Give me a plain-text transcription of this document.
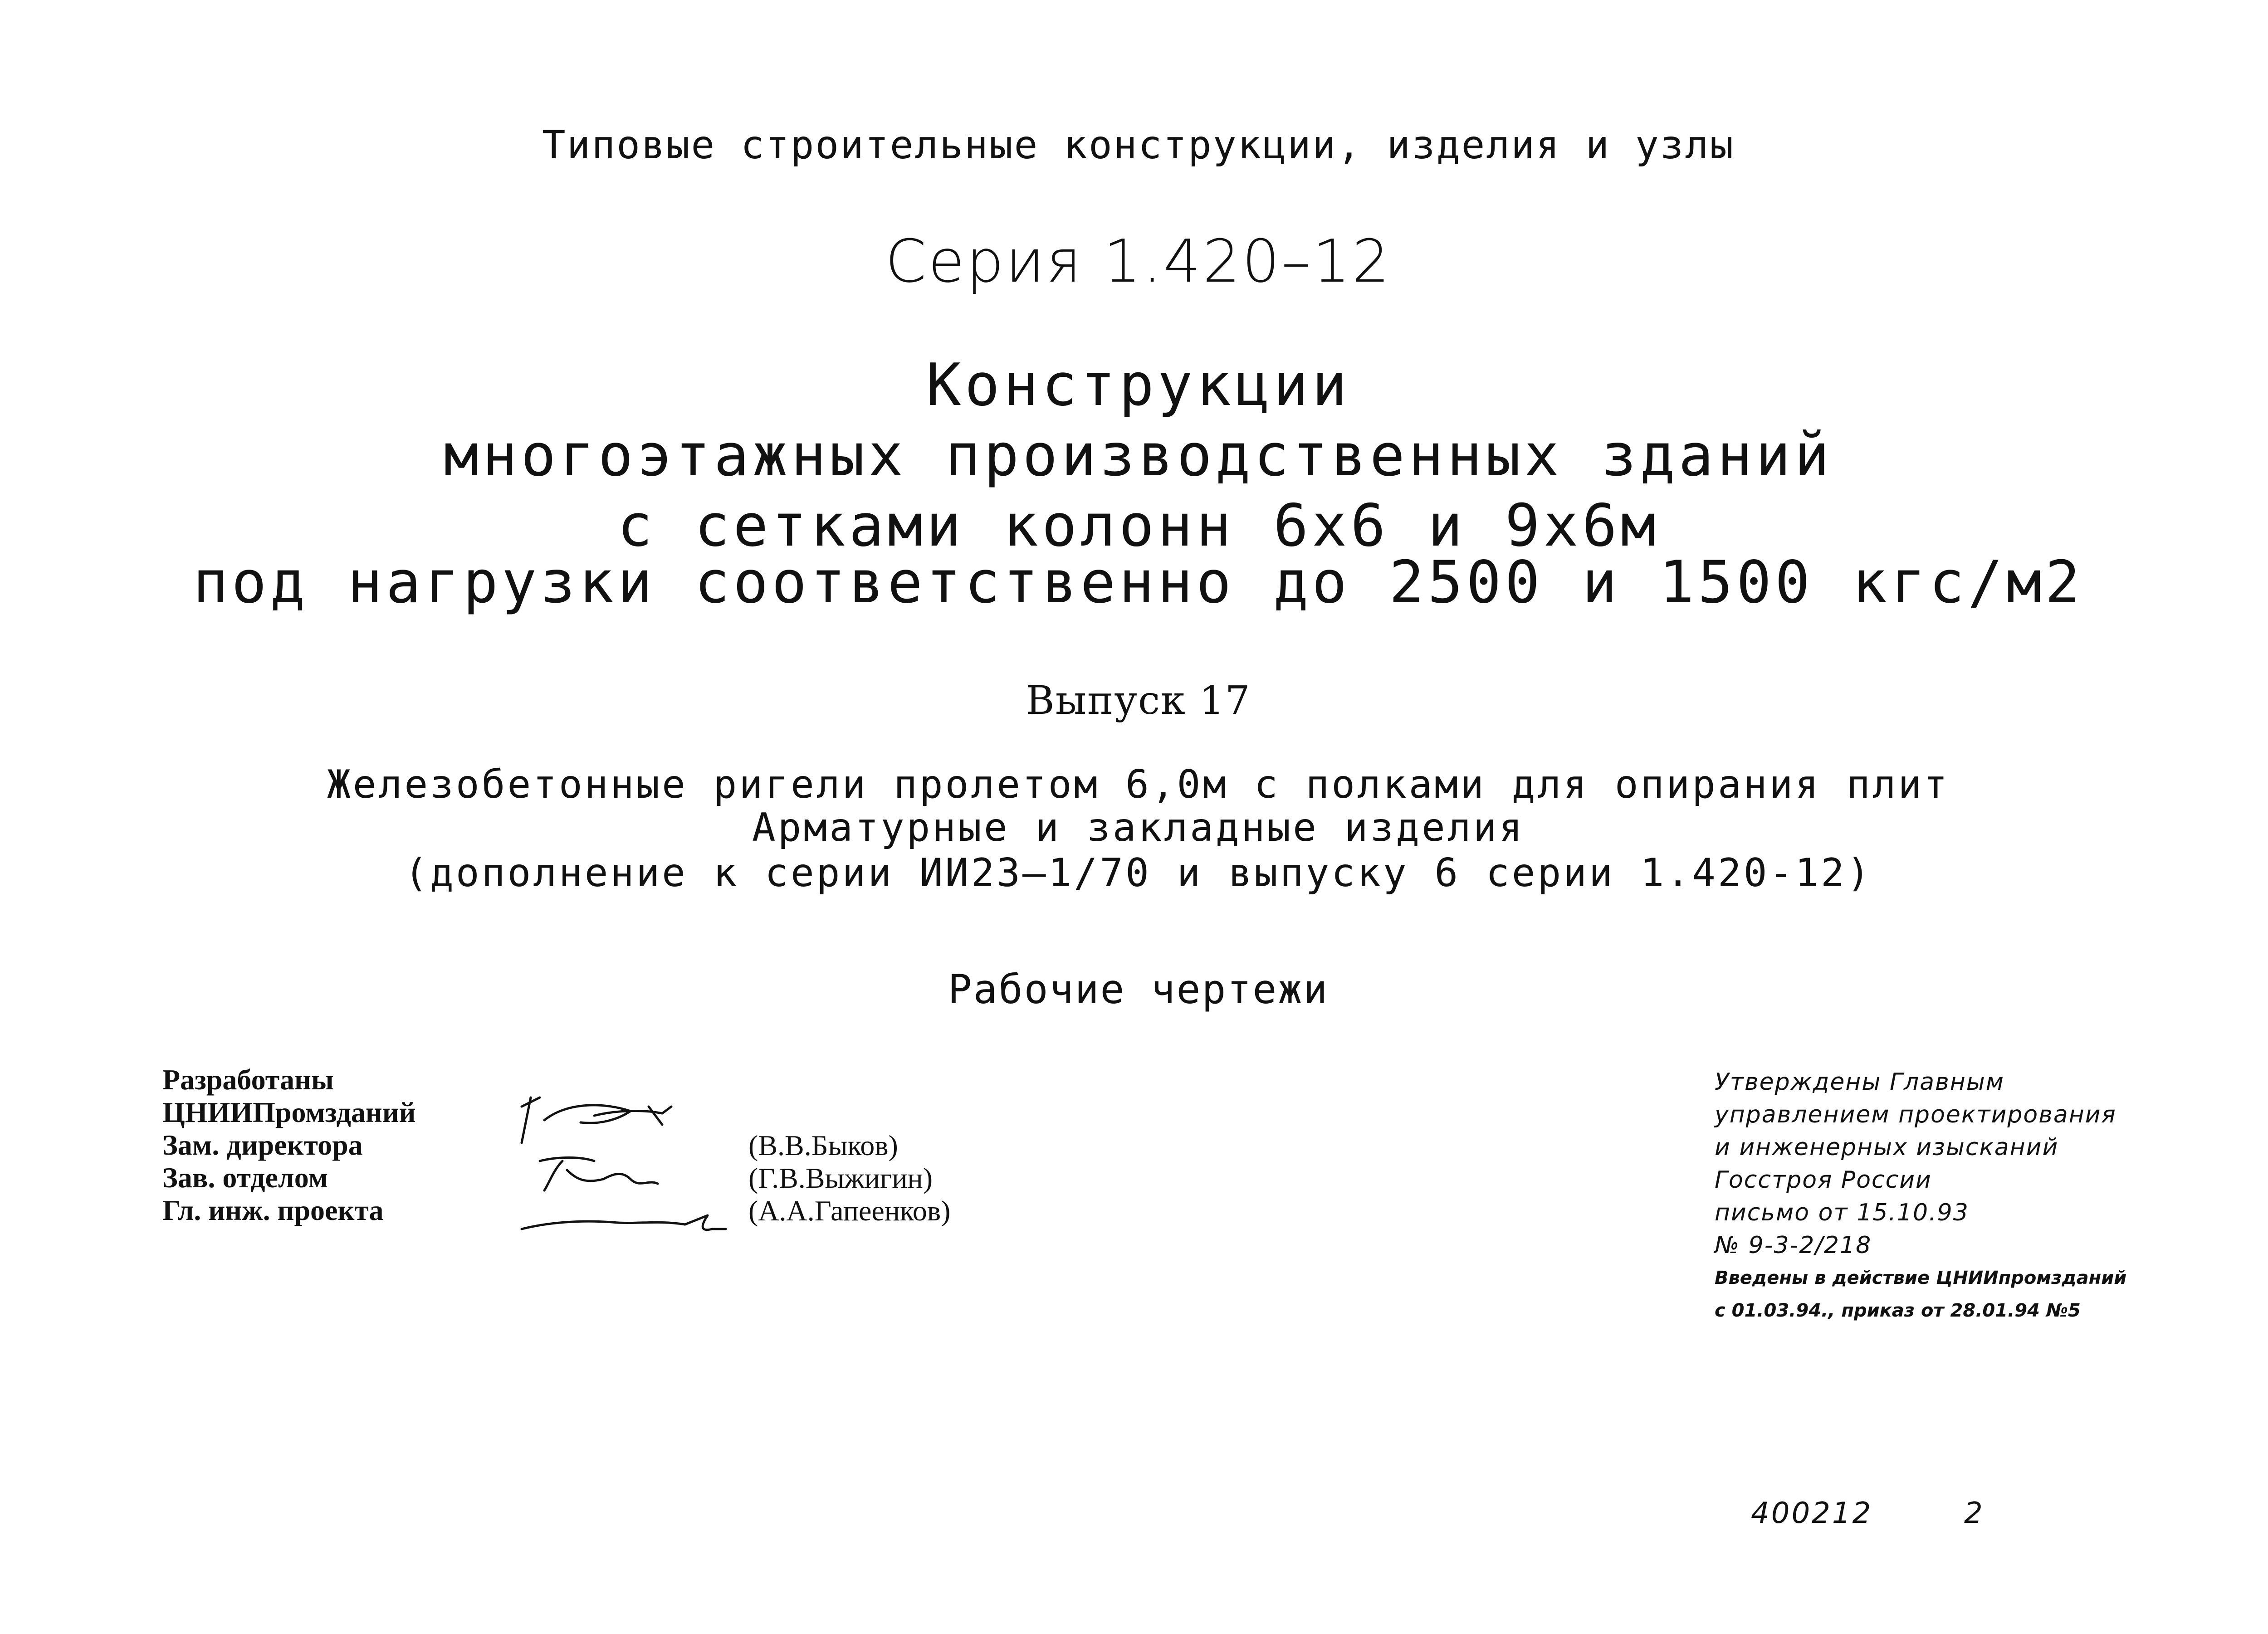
Типовые строительные конструкции, изделия и узлы
Серия 1.420–12
Конструкции
многоэтажных производственных зданий
с сетками колонн 6х6 и 9х6м
под нагрузки соответственно до 2500 и 1500 кгс/м2
Выпуск 17
Железобетонные ригели пролетом 6,0м с полками для опирания плит
Арматурные и закладные изделия
(дополнение к серии ИИ23–1/70 и выпуску 6 серии 1.420-12)
Рабочие чертежи
Разработаны
ЦНИИПромзданий
Зам. директора
Зав. отделом
Гл. инж. проекта
(В.В.Быков)
(Г.В.Выжигин)
(А.А.Гапеенков)
Утверждены Главным
управлением проектирования
и инженерных изысканий
Госстроя России
письмо от 15.10.93
№ 9-3-2/218
Введены в действие ЦНИИпромзданий
с 01.03.94., приказ от 28.01.94 №5
400212	2
